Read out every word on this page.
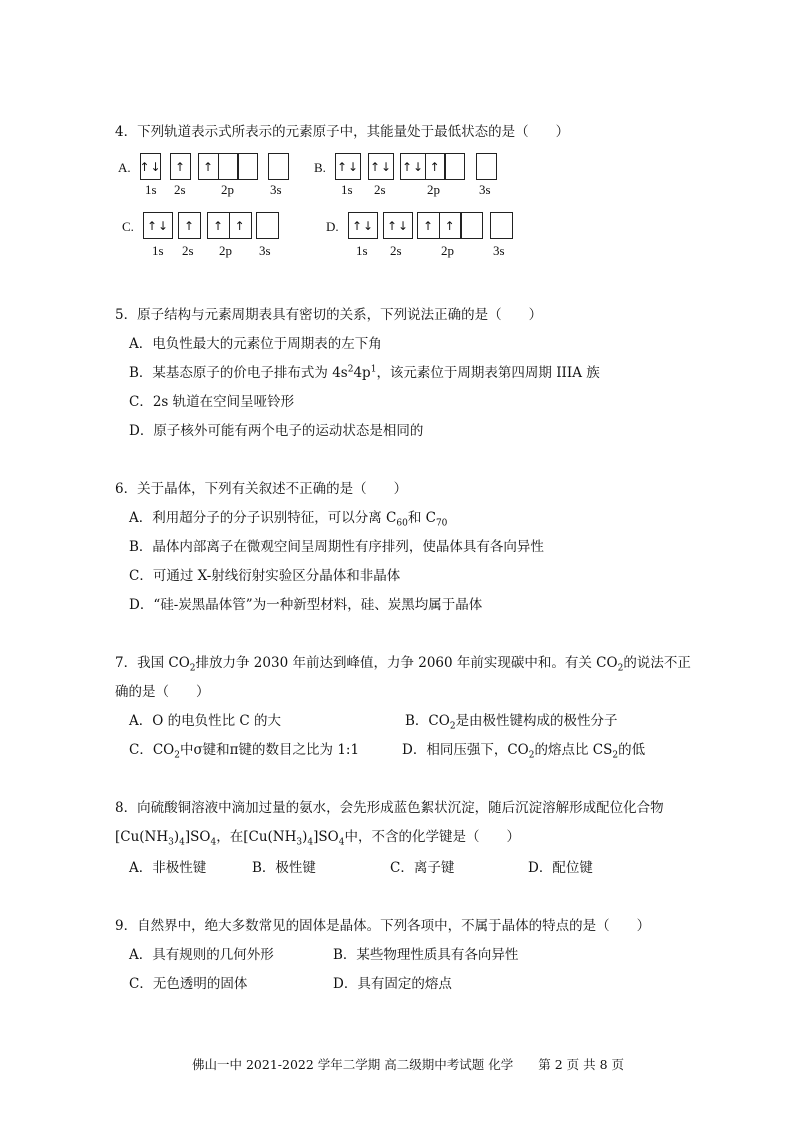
4．下列轨道表示式所表示的元素原子中，其能量处于最低状态的是（　　）
A. ↑↓	↑	↑
1s 2s	2p	3s
B. ↑↓ ↑↓ ↑↓ ↑
1s 2s	2p	3s
C.	↑↓	↑	↑ ↑
1s 2s 2p 3s
D.	↑↓	↑↓	↑ ↑
1s 2s	2p	3s
5．原子结构与元素周期表具有密切的关系，下列说法正确的是（　　）
A．电负性最大的元素位于周期表的左下角
B．某基态原子的价电子排布式为 $4s^24p^1$，该元素位于周期表第四周期 IIIA 族
C．2s 轨道在空间呈哑铃形
D．原子核外可能有两个电子的运动状态是相同的
6．关于晶体，下列有关叙述不正确的是（　　）
A．利用超分子的分子识别特征，可以分离 $C_{60}$和 $C_{70}$
B．晶体内部离子在微观空间呈周期性有序排列，使晶体具有各向异性
C．可通过 X-射线衍射实验区分晶体和非晶体
D．“硅-炭黑晶体管”为一种新型材料，硅、炭黑均属于晶体
7．我国 $CO_2$排放力争 2030 年前达到峰值，力争 2060 年前实现碳中和。有关 $CO_2$的说法不正
确的是（　　）
A．O 的电负性比 C 的大	B．$CO_2$是由极性键构成的极性分子
C．$CO_2$中σ键和π键的数目之比为 1:1	D．相同压强下，$CO_2$的熔点比 $CS_2$的低
8．向硫酸铜溶液中滴加过量的氨水，会先形成蓝色絮状沉淀，随后沉淀溶解形成配位化合物
$[Cu(NH_3)_4]SO_4$，在$[Cu(NH_3)_4]SO_4$中，不含的化学键是（　　）
A．非极性键	B．极性键	C．离子键	D．配位键
9．自然界中，绝大多数常见的固体是晶体。下列各项中，不属于晶体的特点的是（　　）
A．具有规则的几何外形	B．某些物理性质具有各向异性
C．无色透明的固体	D．具有固定的熔点
佛山一中 2021-2022 学年二学期 高二级期中考试题 化学　　第 2 页 共 8 页
